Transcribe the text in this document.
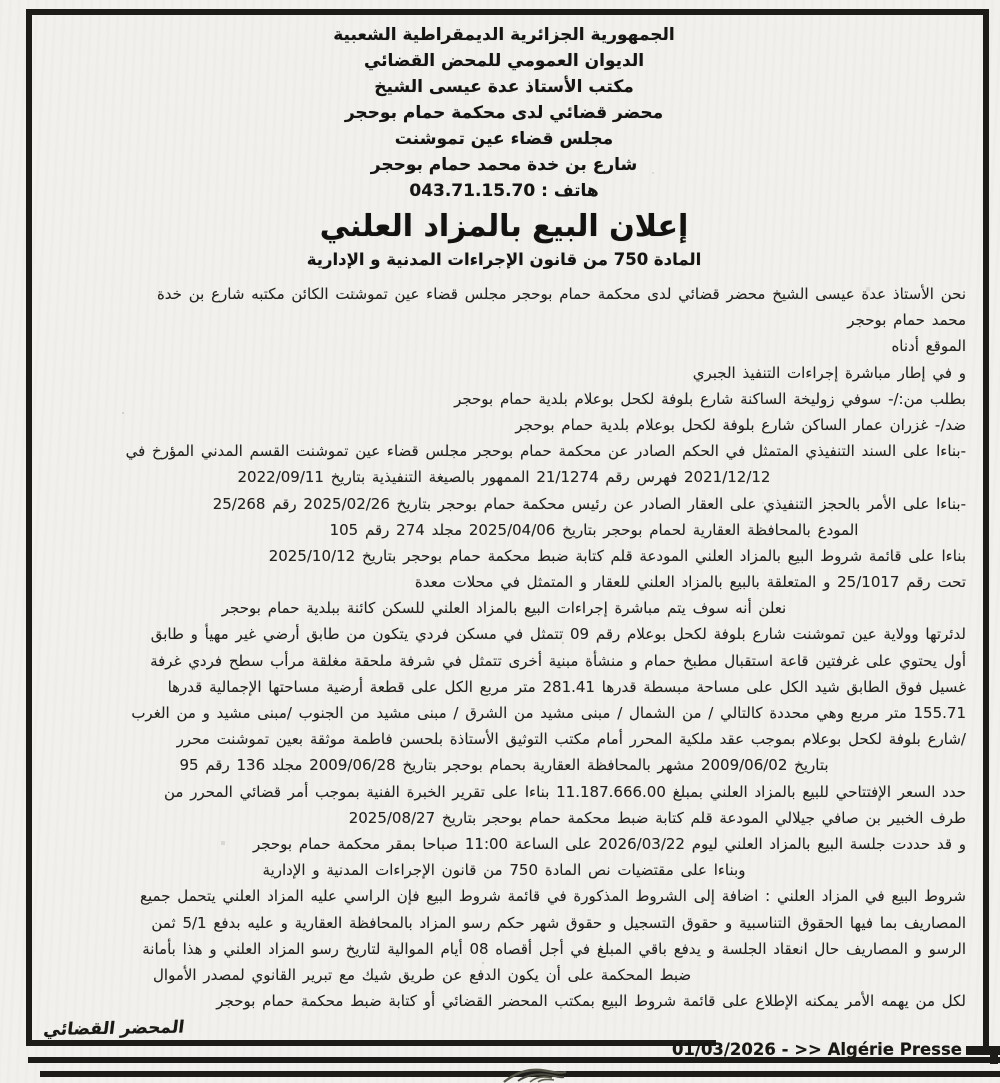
الجمهورية الجزائرية الديمقراطية الشعبية
الديوان العمومي للمحض القضائي
مكتب الأستاذ عدة عيسى الشيخ
محضر قضائي لدى محكمة حمام بوحجر
مجلس قضاء عين تموشنت
شارع بن خدة محمد حمام بوحجر
هاتف : 043.71.15.70
إعلان البيع بالمزاد العلني
المادة 750 من قانون الإجراءات المدنية و الإدارية
نحن الأستاذ عدة عيسى الشيخ محضر قضائي لدى محكمة حمام بوحجر مجلس قضاء عين تموشنت الكائن مكتبه شارع بن خدة
محمد حمام بوحجر
الموقع أدناه
و في إطار مباشرة إجراءات التنفيذ الجبري
بطلب من:/- سوفي زوليخة الساكنة شارع بلوفة لكحل بوعلام بلدية حمام بوحجر
ضد/- غزران عمار الساكن شارع بلوفة لكحل بوعلام بلدية حمام بوحجر
-بناءا على السند التنفيذي المتمثل في الحكم الصادر عن محكمة حمام بوحجر مجلس قضاء عين تموشنت القسم المدني المؤرخ في
2021/12/12 فهرس رقم 21/1274 الممهور بالصيغة التنفيذية بتاريخ 2022/09/11
-بناءا على الأمر بالحجز التنفيذي على العقار الصادر عن رئيس محكمة حمام بوحجر بتاريخ 2025/02/26 رقم 25/268
المودع بالمحافظة العقارية لحمام بوحجر بتاريخ 2025/04/06 مجلد 274 رقم 105
بناءا على قائمة شروط البيع بالمزاد العلني المودعة قلم كتابة ضبط محكمة حمام بوحجر بتاريخ 2025/10/12
تحت رقم 25/1017 و المتعلقة بالبيع بالمزاد العلني للعقار و المتمثل في محلات معدة
نعلن أنه سوف يتم مباشرة إجراءات البيع بالمزاد العلني للسكن كائنة ببلدية حمام بوحجر
لدئرتها وولاية عين تموشنت شارع بلوفة لكحل بوعلام رقم 09 تتمثل في مسكن فردي يتكون من طابق أرضي غير مهيأ و طابق
أول يحتوي على غرفتين قاعة استقبال مطبخ حمام و منشأة مبنية أخرى تتمثل في شرفة ملحقة مغلقة مرأب سطح فردي غرفة
غسيل فوق الطابق شيد الكل على مساحة مبسطة قدرها 281.41 متر مربع الكل على قطعة أرضية مساحتها الإجمالية قدرها
155.71 متر مربع وهي محددة كالتالي / من الشمال / مبنى مشيد من الشرق / مبنى مشيد من الجنوب /مبنى مشيد و من الغرب
/شارع بلوفة لكحل بوعلام بموجب عقد ملكية المحرر أمام مكتب التوثيق الأستاذة بلحسن فاطمة موثقة بعين تموشنت محرر
بتاريخ 2009/06/02 مشهر بالمحافظة العقارية بحمام بوحجر بتاريخ 2009/06/28 مجلد 136 رقم 95
حدد السعر الإفتتاحي للبيع بالمزاد العلني بمبلغ 11.187.666.00 بناءا على تقرير الخبرة الفنية بموجب أمر قضائي المحرر من
طرف الخبير بن صافي جيلالي المودعة قلم كتابة ضبط محكمة حمام بوحجر بتاريخ 2025/08/27
و قد حددت جلسة البيع بالمزاد العلني ليوم 2026/03/22 على الساعة 11:00 صباحا بمقر محكمة حمام بوحجر
وبناءا على مقتضيات نص المادة 750 من قانون الإجراءات المدنية و الإدارية
شروط البيع في المزاد العلني : اضافة إلى الشروط المذكورة في قائمة شروط البيع فإن الراسي عليه المزاد العلني يتحمل جميع
المصاريف بما فيها الحقوق التناسبية و حقوق التسجيل و حقوق شهر حكم رسو المزاد بالمحافظة العقارية و عليه بدفع 5/1 ثمن
الرسو و المصاريف حال انعقاد الجلسة و يدفع باقي المبلغ في أجل أقصاه 08 أيام الموالية لتاريخ رسو المزاد العلني و هذا بأمانة
ضبط المحكمة على أن يكون الدفع عن طريق شيك مع تبرير القانوي لمصدر الأموال
لكل من يهمه الأمر يمكنه الإطلاع على قائمة شروط البيع بمكتب المحضر القضائي أو كتابة ضبط محكمة حمام بوحجر
المحضر القضائي
01/03/2026 - >> Algérie Presse
